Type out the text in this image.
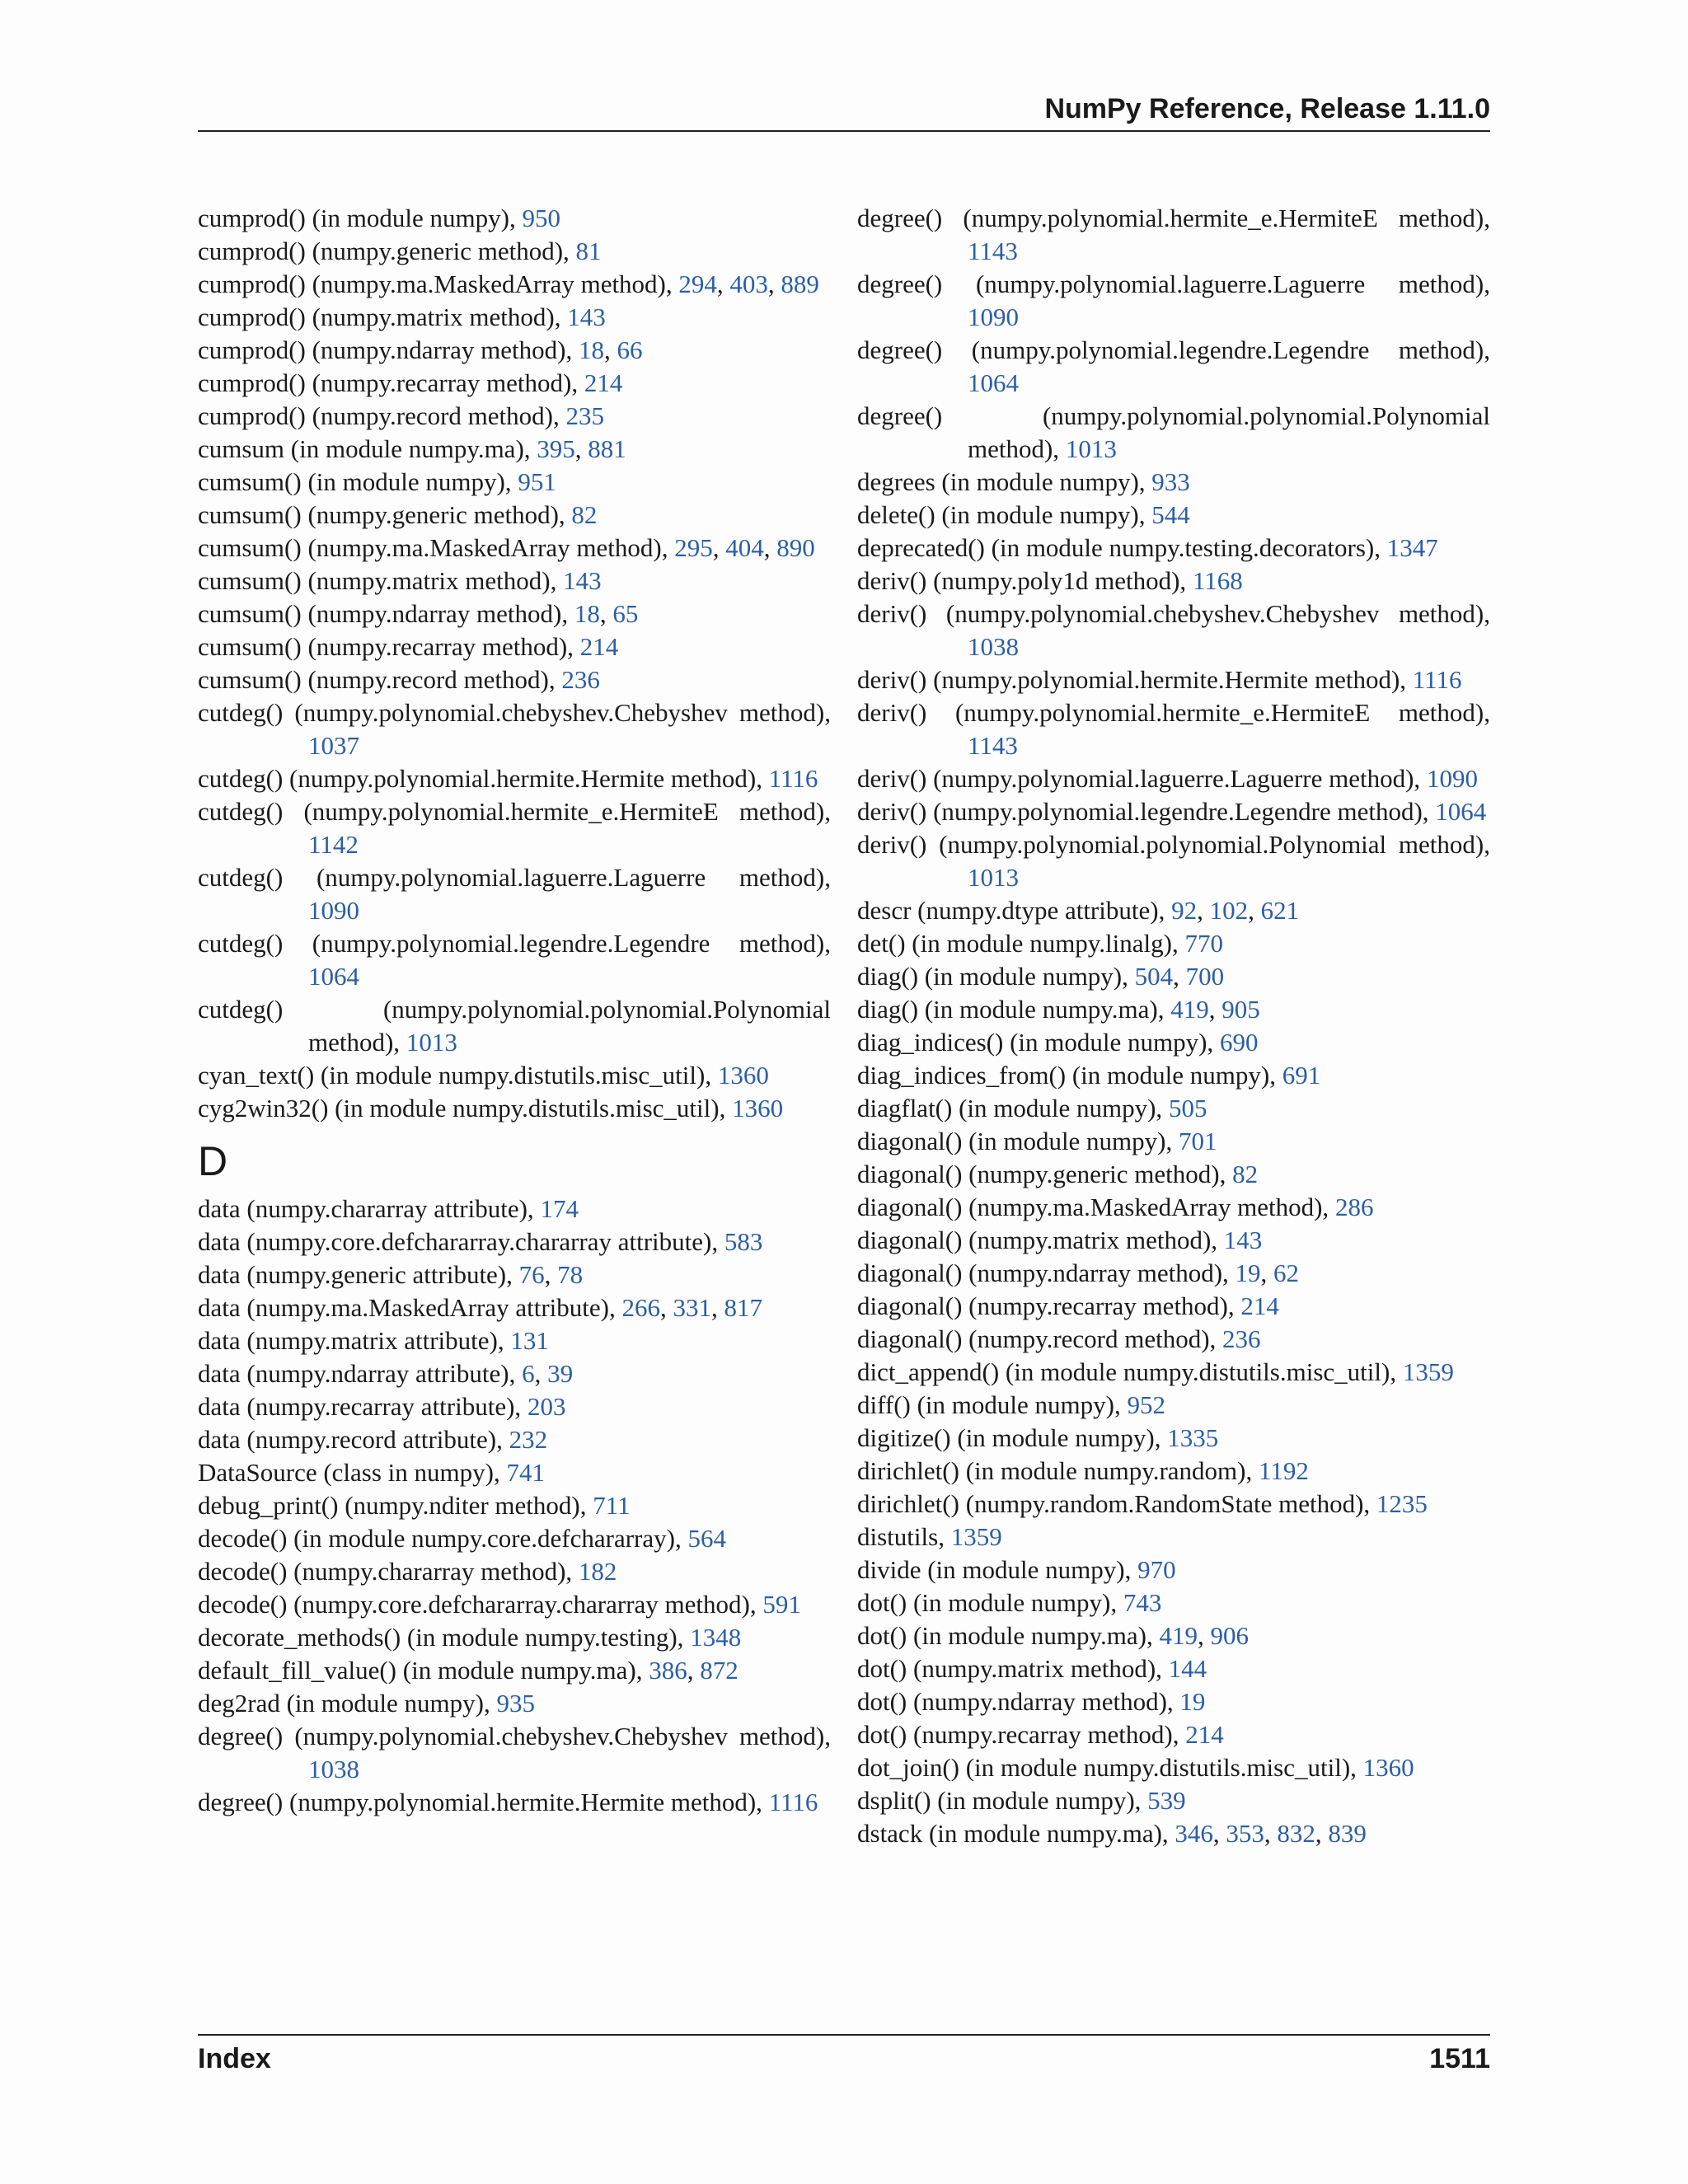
NumPy Reference, Release 1.11.0
cumprod() (in module numpy), 950
cumprod() (numpy.generic method), 81
cumprod() (numpy.ma.MaskedArray method), 294, 403, 889
cumprod() (numpy.matrix method), 143
cumprod() (numpy.ndarray method), 18, 66
cumprod() (numpy.recarray method), 214
cumprod() (numpy.record method), 235
cumsum (in module numpy.ma), 395, 881
cumsum() (in module numpy), 951
cumsum() (numpy.generic method), 82
cumsum() (numpy.ma.MaskedArray method), 295, 404, 890
cumsum() (numpy.matrix method), 143
cumsum() (numpy.ndarray method), 18, 65
cumsum() (numpy.recarray method), 214
cumsum() (numpy.record method), 236
cutdeg() (numpy.polynomial.chebyshev.Chebyshev method), 1037
cutdeg() (numpy.polynomial.hermite.Hermite method), 1116
cutdeg() (numpy.polynomial.hermite_e.HermiteE method), 1142
cutdeg() (numpy.polynomial.laguerre.Laguerre method), 1090
cutdeg() (numpy.polynomial.legendre.Legendre method), 1064
cutdeg() (numpy.polynomial.polynomial.Polynomial method), 1013
cyan_text() (in module numpy.distutils.misc_util), 1360
cyg2win32() (in module numpy.distutils.misc_util), 1360
D
data (numpy.chararray attribute), 174
data (numpy.core.defchararray.chararray attribute), 583
data (numpy.generic attribute), 76, 78
data (numpy.ma.MaskedArray attribute), 266, 331, 817
data (numpy.matrix attribute), 131
data (numpy.ndarray attribute), 6, 39
data (numpy.recarray attribute), 203
data (numpy.record attribute), 232
DataSource (class in numpy), 741
debug_print() (numpy.nditer method), 711
decode() (in module numpy.core.defchararray), 564
decode() (numpy.chararray method), 182
decode() (numpy.core.defchararray.chararray method), 591
decorate_methods() (in module numpy.testing), 1348
default_fill_value() (in module numpy.ma), 386, 872
deg2rad (in module numpy), 935
degree() (numpy.polynomial.chebyshev.Chebyshev method), 1038
degree() (numpy.polynomial.hermite.Hermite method), 1116
degree() (numpy.polynomial.hermite_e.HermiteE method), 1143
degree() (numpy.polynomial.laguerre.Laguerre method), 1090
degree() (numpy.polynomial.legendre.Legendre method), 1064
degree() (numpy.polynomial.polynomial.Polynomial method), 1013
degrees (in module numpy), 933
delete() (in module numpy), 544
deprecated() (in module numpy.testing.decorators), 1347
deriv() (numpy.poly1d method), 1168
deriv() (numpy.polynomial.chebyshev.Chebyshev method), 1038
deriv() (numpy.polynomial.hermite.Hermite method), 1116
deriv() (numpy.polynomial.hermite_e.HermiteE method), 1143
deriv() (numpy.polynomial.laguerre.Laguerre method), 1090
deriv() (numpy.polynomial.legendre.Legendre method), 1064
deriv() (numpy.polynomial.polynomial.Polynomial method), 1013
descr (numpy.dtype attribute), 92, 102, 621
det() (in module numpy.linalg), 770
diag() (in module numpy), 504, 700
diag() (in module numpy.ma), 419, 905
diag_indices() (in module numpy), 690
diag_indices_from() (in module numpy), 691
diagflat() (in module numpy), 505
diagonal() (in module numpy), 701
diagonal() (numpy.generic method), 82
diagonal() (numpy.ma.MaskedArray method), 286
diagonal() (numpy.matrix method), 143
diagonal() (numpy.ndarray method), 19, 62
diagonal() (numpy.recarray method), 214
diagonal() (numpy.record method), 236
dict_append() (in module numpy.distutils.misc_util), 1359
diff() (in module numpy), 952
digitize() (in module numpy), 1335
dirichlet() (in module numpy.random), 1192
dirichlet() (numpy.random.RandomState method), 1235
distutils, 1359
divide (in module numpy), 970
dot() (in module numpy), 743
dot() (in module numpy.ma), 419, 906
dot() (numpy.matrix method), 144
dot() (numpy.ndarray method), 19
dot() (numpy.recarray method), 214
dot_join() (in module numpy.distutils.misc_util), 1360
dsplit() (in module numpy), 539
dstack (in module numpy.ma), 346, 353, 832, 839
Index	1511
